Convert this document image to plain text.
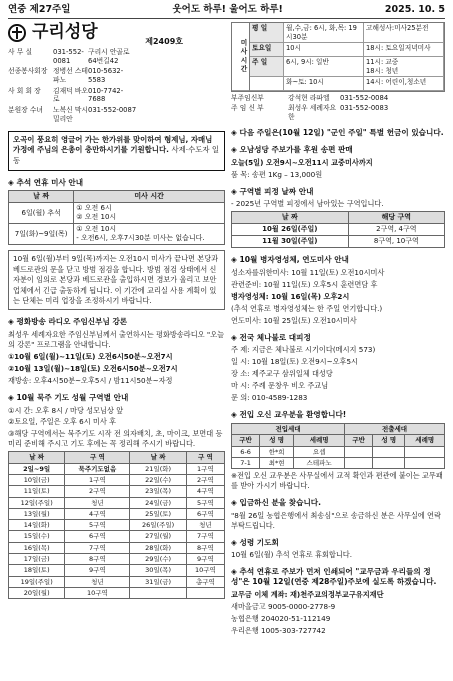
연중 제27주일	웃어도 하루! 울어도 하루!	2025. 10. 5
구리성당	제2409호
사 무 실	031-552-0081
구리시 안골로 64번길42
선종봉사회장 정병선 스테파노
010-5632-5583
사 회 회 장	김재덕 바오로
010-7742-7688
분원장 수녀	노복신 막시밀리안
031-552-0087
오곡이 풍요히 영글어 가는 한가위를 맞이하여 형제님, 자매님 가정에 주님의 은총이 충만하시기를 기원합니다. 사제·수도자 일동
◈ 추석 연휴 미사 안내
날 짜	미사 시간
6일(월) 추석	① 오전 6시
② 오전 10시
7일(화)~9일(목)	① 오전 10시
- 오전6시, 오후7시30분 미사는 없습니다.
10월 6일(월)부터 9일(목)까지는 오전10시 미사가 끝나면 본당과 베드로관의 문을 닫고 방범 점검을 합니다. 방범 점검 상태에서 신자분이 임의로 본당과 베드로관을 출입하시면 경보가 울리고 보안업체에서 긴급 출동하게 됩니다. 이 기간에 교리실 사용 계획이 있는 단체는 미리 업장을 조정하시기 바랍니다.
◈ 평화방송 라디오 주임신부님 강론

최성우 세례자요한 주임신부님께서 출연하시는 평화방송라디오 "오늘의 강론" 프로그램을 안내합니다.

①10월 6일(월)~11일(토) 오전6시50분~오전7시

②10월 13일(월)~18일(토) 오전6시50분~오전7시

재방송: 오후4시50분~오후5시 / 밤11시50분~자정

◈ 10월 묵주 기도 성월 구역별 안내

①시 간: 오후 8시 / 마당 성모님상 앞

②토요일, 주일은 오후 6시 미사 후

③해당 구역에서는 묵주기도 시작 전 의자배치, 초, 마이크, 보면대 등 미리 준비해 주시고 기도 후에는 꼭 정리해 주시기 바랍니다.

날 짜	구 역	날 짜	구 역
2일~9일	묵주기도없음	21일(화)	1구역
10일(금)	1구역	22일(수)	2구역
11일(토)	2구역	23일(목)	4구역
12일(주일)	청년	24일(금)	5구역
13일(월)	4구역	25일(토)	6구역
14일(화)	5구역	26일(주일)	청년
15일(수)	6구역	27일(월)	7구역
16일(목)	7구역	28일(화)	8구역
17일(금)	8구역	29일(수)	9구역
18일(토)	9구역	30일(목)	10구역
19일(주일)	청년	31일(금)	총구역
20일(월)	10구역		
미사시간
평 일	월,수,금: 6시, 화,목: 19시30분
고해성사:미사25분전
토요일	10시	18시: 토요일저녁미사
주 일	6시, 9시: 일반	11시: 교중
18시: 청년
화~토: 10시	14시: 어린이,청소년
부주임신부	강석현 라파엘	031-552-0084
주 임 신 부	최성우 세례자요한
031-552-0083
◈ 다음 주일은(10월 12일) "군인 주일" 특별 헌금이 있습니다.
◈ 오남성당 주보가를 후원 송편 판매

오늘(5일) 오전9시~오전11시 교중미사까지

품 목: 송편 1Kg – 13,000원

◈ 구역별 피정 날짜 안내

- 2025년 구역별 피정에서 남아있는 구역입니다.

날 짜	해당 구역
10월 26일(주일)	2구역, 4구역
11월 30일(주일)	8구역, 10구역
◈ 10월 병자영성체, 연도미사 안내

성소자를위한미사: 10월 11일(토) 오전10시미사

관련준비: 10월 11일(토) 오후5시 훈련면담 후

병자영성체: 10월 16일(목) 오후2시

(추석 연휴로 병자영성체는 한 주일 연기합니다.)

연도미사: 10월 25일(토) 오전10시미사

◈ 전국 체나불로 대피정

주 제: 지금은 체나불로 시기이다(메시지 573)

일 시: 10월 18일(토) 오전9시~오후5시

장 소: 제주교구 삼위일체 대성당

마 시: 주례 문창우 비오 주교님

문 의: 010-4589-1283

◈ 전입 오신 교우분을 환영합니다!
전입세대			전출세대		
구반	성 명	세례명	구반	성 명	세례명
6-6	한*희	요셉			
7-1	최*현	스테파노			

※전입 오신 교우분은 사무실에서 교적 확인과 편관에 붙이는 교무패를 받아 가시기 바랍니다.

◈ 입금하신 분을 찾습니다.

"8월 26일 농협은행에서 최송심"으로 송금하신 분은 사무실에 연락 부탁드립니다.

◈ 성령 기도회

10월 6일(월) 추석 연휴로 휴회합니다.

◈ 추석 연휴로 주보가 먼저 인쇄되어 "교무금과 우리들의 정성"은 10월 12일(연중 제28주일)주보에 실도록 하겠습니다.

교무금 이체 계좌: 재)천주교의정부교구유지재단

새마을금고 9005-0000-2778-9

농협은행 204020-51-112149

우리은행 1005-303-727742
